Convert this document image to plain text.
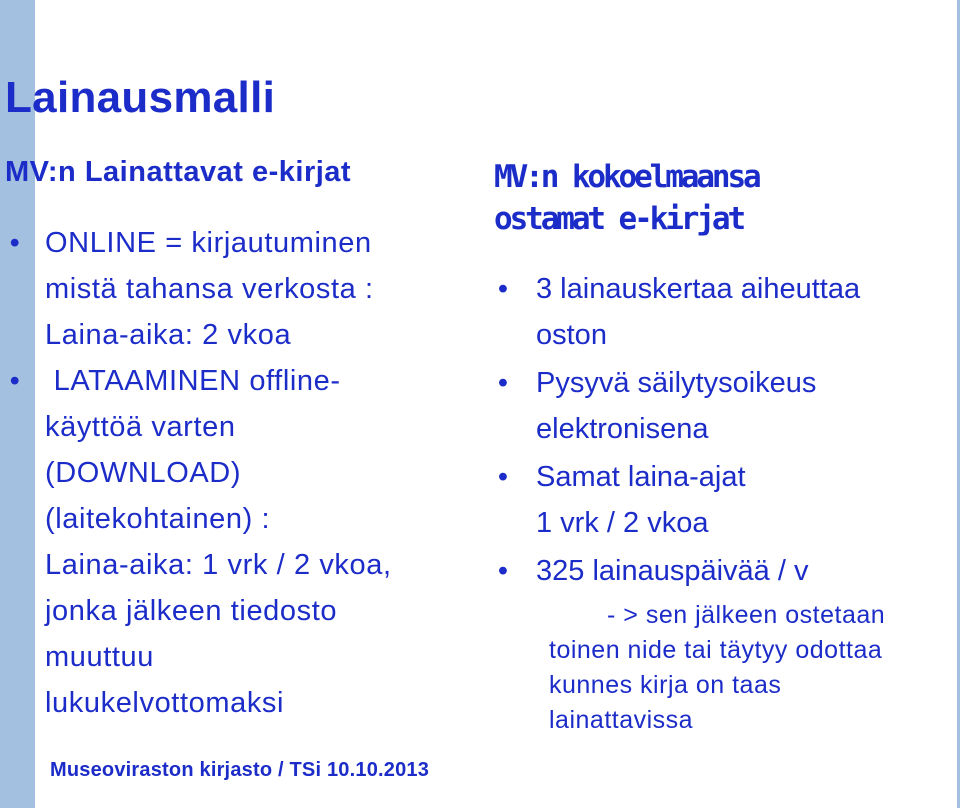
Lainausmalli
MV:n Lainattavat e-kirjat
• ONLINE = kirjautuminen
mistä tahansa verkosta :
Laina-aika: 2 vkoa
• LATAAMINEN offline-
käyttöä varten
(DOWNLOAD)
(laitekohtainen) :
Laina-aika: 1 vrk / 2 vkoa,
jonka jälkeen tiedosto
muuttuu
lukukelvottomaksi
MV:n kokoelmaansa
ostamat e-kirjat
• 3 lainauskertaa aiheuttaa
oston
• Pysyvä säilytysoikeus
elektronisena
• Samat laina-ajat
1 vrk / 2 vkoa
• 325 lainauspäivää / v

- > sen jälkeen ostetaan
toinen nide tai täytyy odottaa
kunnes kirja on taas
lainattavissa

Museoviraston kirjasto / TSi 10.10.2013
